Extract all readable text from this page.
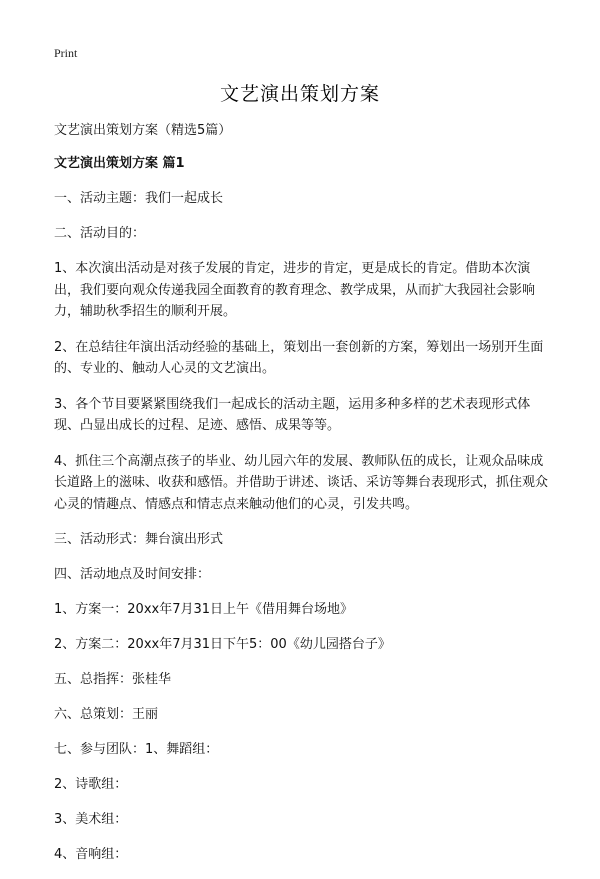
Print
文艺演出策划方案
文艺演出策划方案（精选5篇）
文艺演出策划方案 篇1
一、活动主题：我们一起成长
二、活动目的：
1、本次演出活动是对孩子发展的肯定，进步的肯定，更是成长的肯定。借助本次演出，我们要向观众传递我园全面教育的教育理念、教学成果，从而扩大我园社会影响力，辅助秋季招生的顺利开展。
2、在总结往年演出活动经验的基础上，策划出一套创新的方案，筹划出一场别开生面的、专业的、触动人心灵的文艺演出。
3、各个节目要紧紧围绕我们一起成长的活动主题，运用多种多样的艺术表现形式体现、凸显出成长的过程、足迹、感悟、成果等等。
4、抓住三个高潮点孩子的毕业、幼儿园六年的发展、教师队伍的成长，让观众品味成长道路上的滋味、收获和感悟。并借助于讲述、谈话、采访等舞台表现形式，抓住观众心灵的情趣点、情感点和情志点来触动他们的心灵，引发共鸣。
三、活动形式：舞台演出形式
四、活动地点及时间安排：
1、方案一：20xx年7月31日上午《借用舞台场地》
2、方案二：20xx年7月31日下午5：00《幼儿园搭台子》
五、总指挥：张桂华
六、总策划：王丽
七、参与团队：1、舞蹈组：
2、诗歌组：
3、美术组：
4、音响组：
